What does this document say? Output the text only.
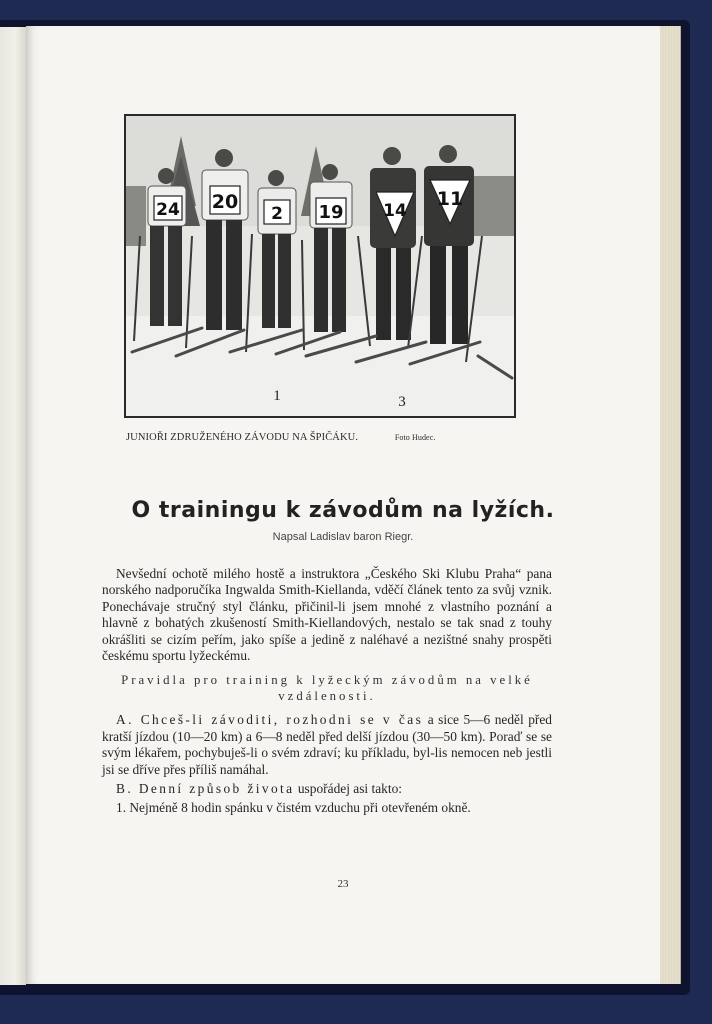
24 20
2 19 14
11
1	3
JUNIOŘI ZDRUŽENÉHO ZÁVODU NA ŠPIČÁKU.	Foto Hudec.
O trainingu k závodům na lyžích.
Napsal Ladislav baron Riegr.

Nevšední ochotě milého hostě a instruktora „Českého Ski Klubu Praha“ pana norského nadporučíka Ingwalda Smith-Kiellanda, vděčí článek tento za svůj vznik. Ponechávaje stručný styl článku, přičinil-li jsem mnohé z vlastního poznání a hlavně z bohatých zkušeností Smith-Kiellandových, nestalo se tak snad z touhy okrášliti se cizím peřím, jako spíše a jedině z naléhavé a nezištné snahy prospěti českému sportu lyžeckému.

Pravidla pro training k lyžeckým závodům na velké vzdálenosti.

A. Chceš-li závoditi, rozhodni se v čas a sice 5—6 neděl před kratší jízdou (10—20 km) a 6—8 neděl před delší jízdou (30—50 km). Poraď se se svým lékařem, pochybuješ-li o svém zdraví; ku příkladu, byl-lis nemocen neb jestli jsi se dříve přes příliš namáhal.

B. Denní způsob života uspořádej asi takto:

1. Nejméně 8 hodin spánku v čistém vzduchu při otevřeném okně.

23
